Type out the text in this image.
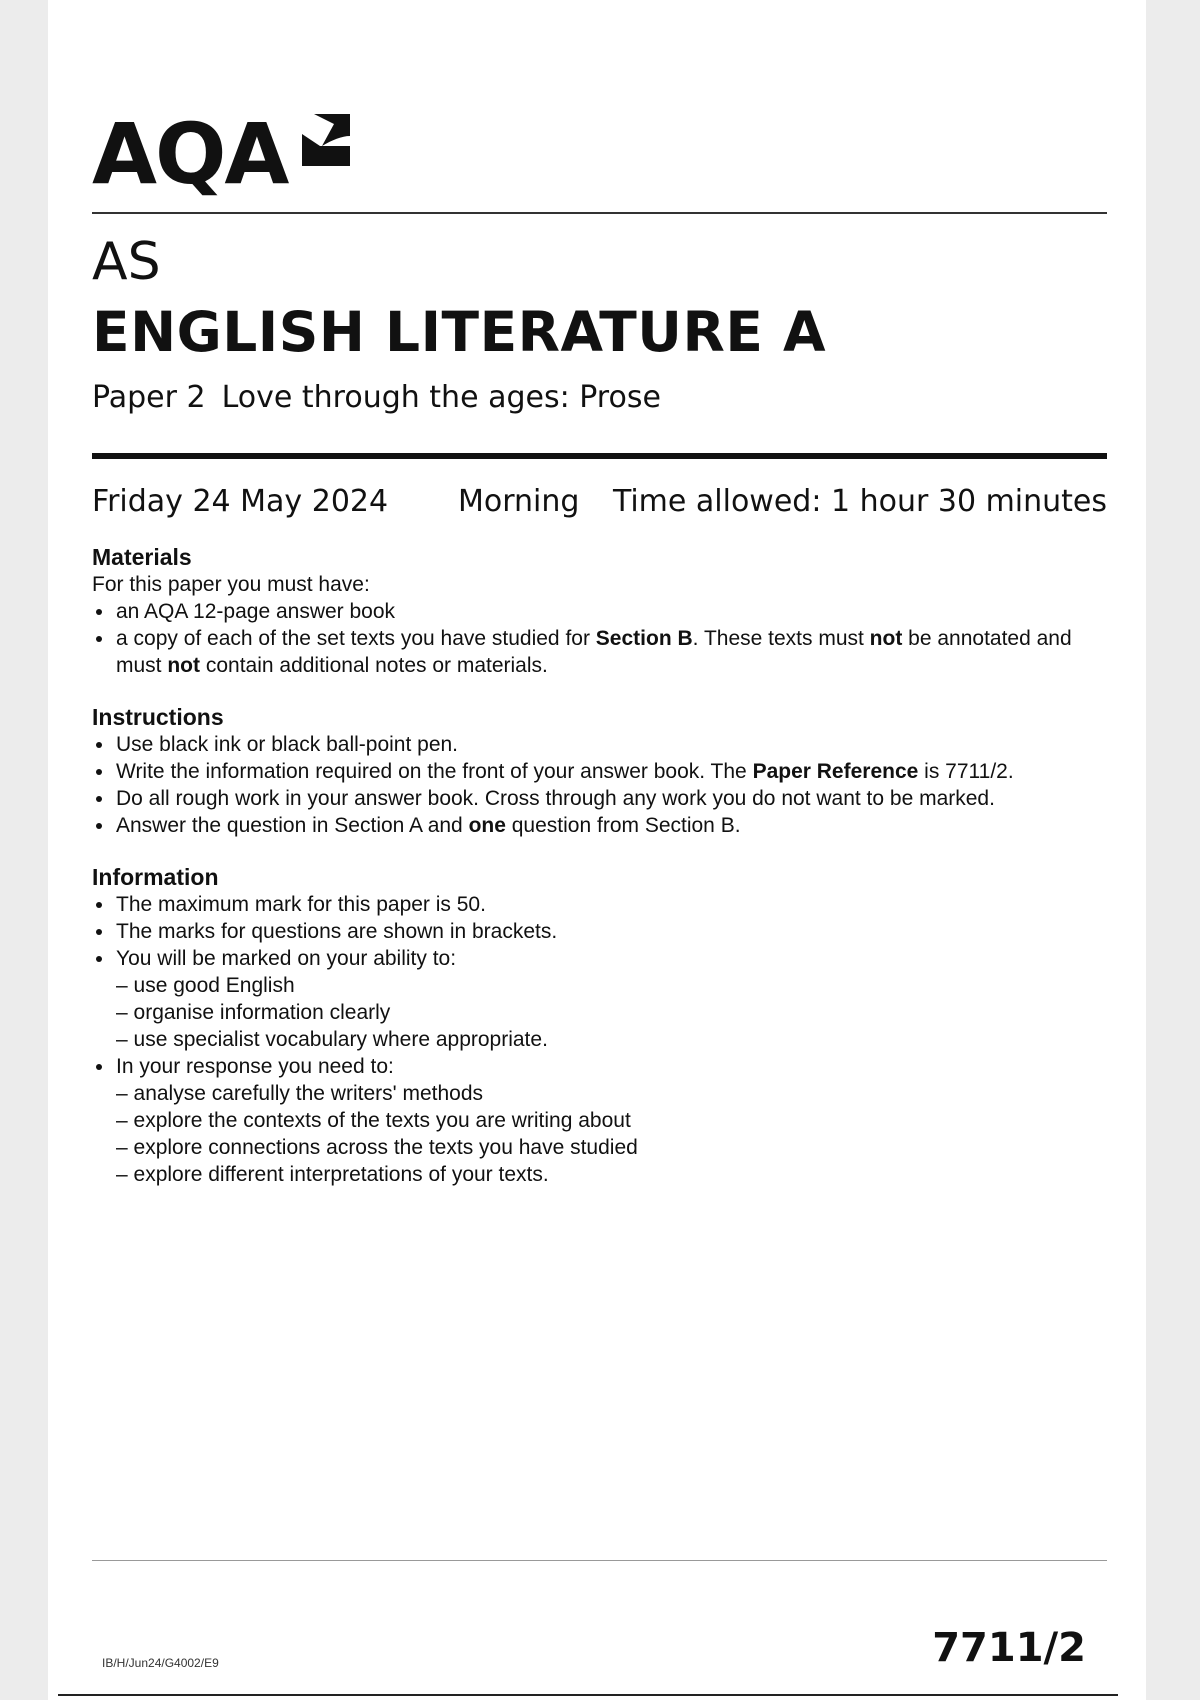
AQA
AS
ENGLISH LITERATURE A
Paper 2 Love through the ages: Prose
Friday 24 May 2024 Morning Time allowed: 1 hour 30 minutes

Materials

For this paper you must have:

an AQA 12-page answer book
a copy of each of the set texts you have studied for Section B. These texts must not be annotated and must not contain additional notes or materials.

Instructions

Use black ink or black ball-point pen.
Write the information required on the front of your answer book. The Paper Reference is 7711/2.
Do all rough work in your answer book. Cross through any work you do not want to be marked.
Answer the question in Section A and one question from Section B.

Information

The maximum mark for this paper is 50.
The marks for questions are shown in brackets.
You will be marked on your ability to:
– use good English
– organise information clearly
– use specialist vocabulary where appropriate.
In your response you need to:
– analyse carefully the writers' methods
– explore the contexts of the texts you are writing about
– explore connections across the texts you have studied
– explore different interpretations of your texts.
IB/H/Jun24/G4002/E9	7711/2
